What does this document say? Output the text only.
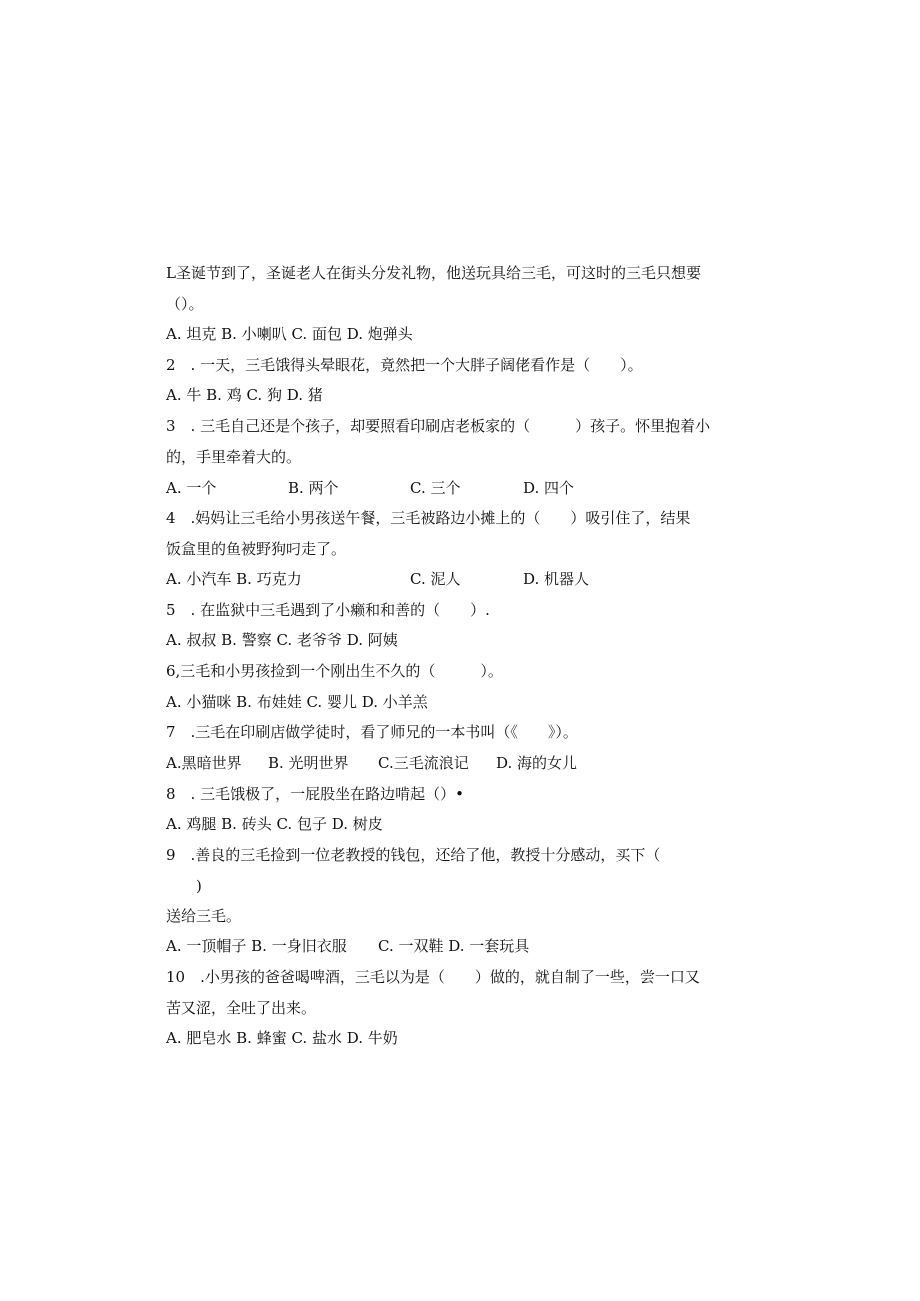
L圣诞节到了，圣诞老人在街头分发礼物，他送玩具给三毛，可这时的三毛只想要
（）。
A. 坦克 B. 小喇叭 C. 面包 D. 炮弹头
2　. 一天，三毛饿得头晕眼花，竟然把一个大胖子阔佬看作是（　　）。
A. 牛 B. 鸡 C. 狗 D. 猪
3　. 三毛自己还是个孩子，却要照看印刷店老板家的（　　　）孩子。怀里抱着小
的，手里牵着大的。
A. 一个	B. 两个	C. 三个	D. 四个
4　.妈妈让三毛给小男孩送午餐，三毛被路边小摊上的（　　）吸引住了，结果
饭盒里的鱼被野狗叼走了。
A. 小汽车 B. 巧克力	C. 泥人	D. 机器人
5　. 在监狱中三毛遇到了小癞和和善的（　　）.
A. 叔叔 B. 警察 C. 老爷爷 D. 阿姨
6,三毛和小男孩捡到一个刚出生不久的（　　　）。
A. 小猫咪 B. 布娃娃 C. 婴儿 D. 小羊羔
7　.三毛在印刷店做学徒时，看了师兄的一本书叫（《　　》）。
A.黑暗世界 B. 光明世界 C.三毛流浪记 D. 海的女儿
8　. 三毛饿极了，一屁股坐在路边啃起（）•
A. 鸡腿 B. 砖头 C. 包子 D. 树皮
9　.善良的三毛捡到一位老教授的钱包，还给了他，教授十分感动，买下（
　　)
送给三毛。
A. 一顶帽子 B. 一身旧衣服 C. 一双鞋 D. 一套玩具
10　.小男孩的爸爸喝啤酒，三毛以为是（　　）做的，就自制了一些，尝一口又
苦又涩，全吐了出来。
A. 肥皂水 B. 蜂蜜 C. 盐水 D. 牛奶
